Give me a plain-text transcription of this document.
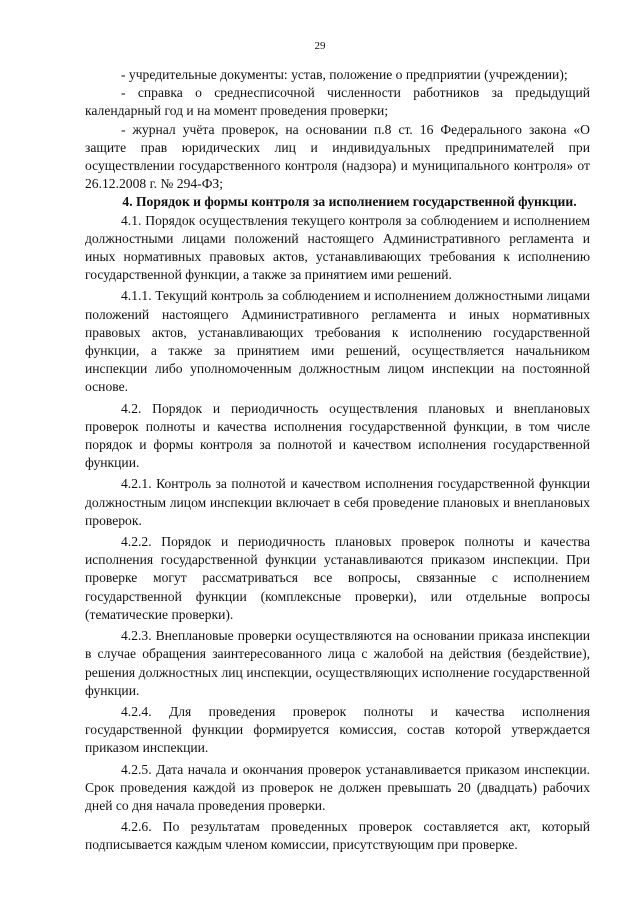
29

- учредительные документы: устав, положение о предприятии (учреждении);

- справка о среднесписочной численности работников за предыдущий календарный год и на момент проведения проверки;

- журнал учёта проверок, на основании п.8 ст. 16 Федерального закона «О защите прав юридических лиц и индивидуальных предпринимателей при осуществлении государственного контроля (надзора) и муниципального контроля» от 26.12.2008 г. № 294-ФЗ;

4. Порядок и формы контроля за исполнением государственной функции.

4.1. Порядок осуществления текущего контроля за соблюдением и исполнением должностными лицами положений настоящего Административного регламента и иных нормативных правовых актов, устанавливающих требования к исполнению государственной функции, а также за принятием ими решений.

4.1.1. Текущий контроль за соблюдением и исполнением должностными лицами положений настоящего Административного регламента и иных нормативных правовых актов, устанавливающих требования к исполнению государственной функции, а также за принятием ими решений, осуществляется начальником инспекции либо уполномоченным должностным лицом инспекции на постоянной основе.

4.2. Порядок и периодичность осуществления плановых и внеплановых проверок полноты и качества исполнения государственной функции, в том числе порядок и формы контроля за полнотой и качеством исполнения государственной функции.

4.2.1. Контроль за полнотой и качеством исполнения государственной функции должностным лицом инспекции включает в себя проведение плановых и внеплановых проверок.

4.2.2. Порядок и периодичность плановых проверок полноты и качества исполнения государственной функции устанавливаются приказом инспекции. При проверке могут рассматриваться все вопросы, связанные с исполнением государственной функции (комплексные проверки), или отдельные вопросы (тематические проверки).

4.2.3. Внеплановые проверки осуществляются на основании приказа инспекции в случае обращения заинтересованного лица с жалобой на действия (бездействие), решения должностных лиц инспекции, осуществляющих исполнение государственной функции.

4.2.4. Для проведения проверок полноты и качества исполнения государственной функции формируется комиссия, состав которой утверждается приказом инспекции.

4.2.5. Дата начала и окончания проверок устанавливается приказом инспекции. Срок проведения каждой из проверок не должен превышать 20 (двадцать) рабочих дней со дня начала проведения проверки.

4.2.6. По результатам проведенных проверок составляется акт, который подписывается каждым членом комиссии, присутствующим при проверке.
